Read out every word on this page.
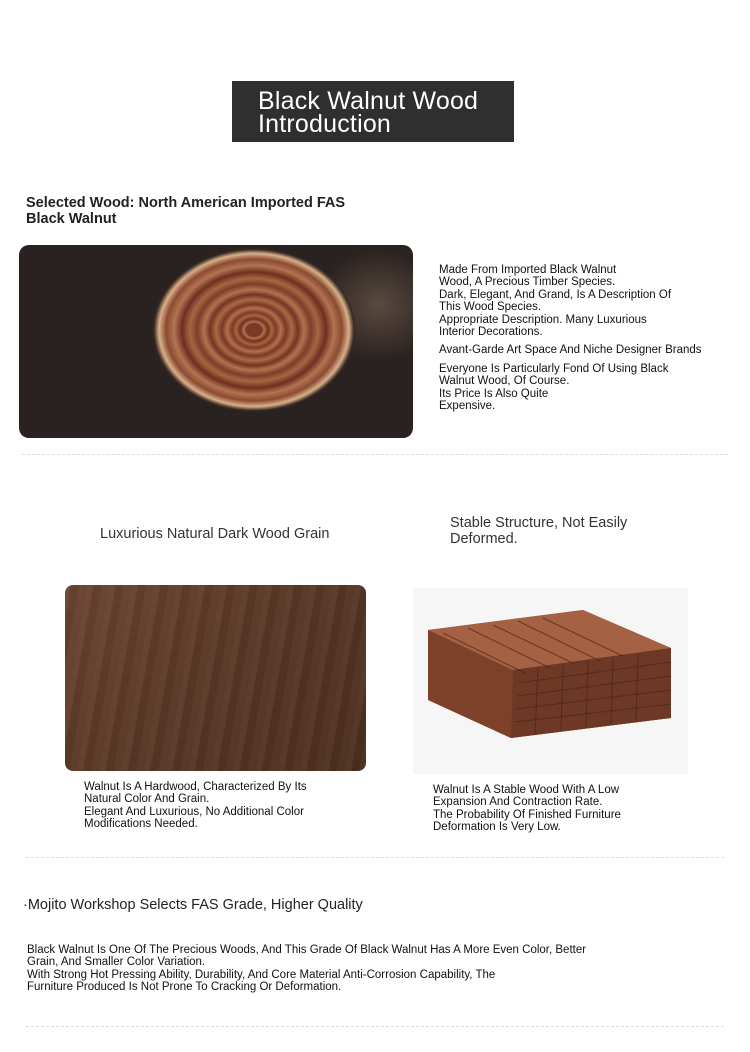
Black Walnut Wood
Introduction
Selected Wood: North American Imported FAS
Black Walnut
Made From Imported Black Walnut
Wood, A Precious Timber Species.
Dark, Elegant, And Grand, Is A Description Of
This Wood Species.
Appropriate Description. Many Luxurious
Interior Decorations.
Avant-Garde Art Space And Niche Designer Brands
Everyone Is Particularly Fond Of Using Black
Walnut Wood, Of Course.
Its Price Is Also Quite
Expensive.
Luxurious Natural Dark Wood Grain
Stable Structure, Not Easily
Deformed.
Walnut Is A Hardwood, Characterized By Its
Natural Color And Grain.
Elegant And Luxurious, No Additional Color
Modifications Needed.
Walnut Is A Stable Wood With A Low
Expansion And Contraction Rate.
The Probability Of Finished Furniture
Deformation Is Very Low.
·Mojito Workshop Selects FAS Grade, Higher Quality
Black Walnut Is One Of The Precious Woods, And This Grade Of Black Walnut Has A More Even Color, Better
Grain, And Smaller Color Variation.
With Strong Hot Pressing Ability, Durability, And Core Material Anti-Corrosion Capability, The
Furniture Produced Is Not Prone To Cracking Or Deformation.
